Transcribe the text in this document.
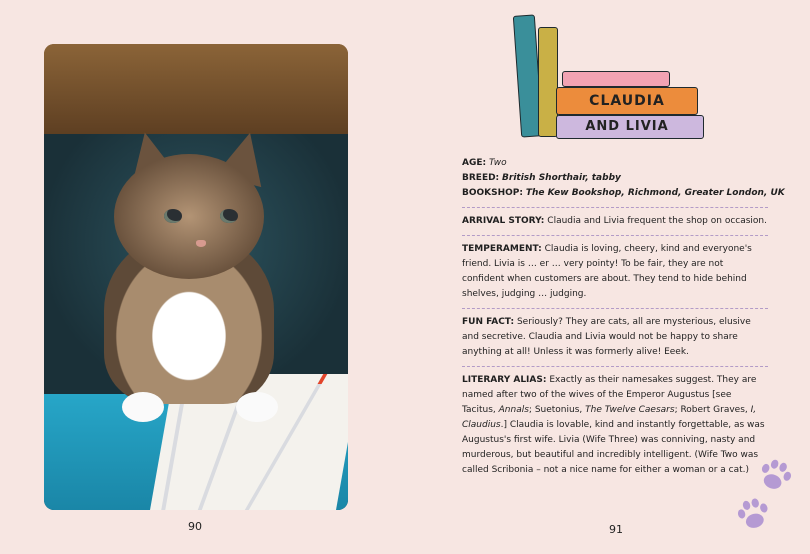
90
CLAUDIA
AND LIVIA
AGE: Two
BREED: British Shorthair, tabby
BOOKSHOP: The Kew Bookshop, Richmond, Greater London, UK

ARRIVAL STORY: Claudia and Livia frequent the shop on occasion.

TEMPERAMENT: Claudia is loving, cheery, kind and everyone's friend. Livia is … er … very pointy! To be fair, they are not confident when customers are about. They tend to hide behind shelves, judging … judging.

FUN FACT: Seriously? They are cats, all are mysterious, elusive and secretive. Claudia and Livia would not be happy to share anything at all! Unless it was formerly alive! Eeek.

LITERARY ALIAS: Exactly as their namesakes suggest. They are named after two of the wives of the Emperor Augustus [see Tacitus, Annals; Suetonius, The Twelve Caesars; Robert Graves, I, Claudius.] Claudia is lovable, kind and instantly forgettable, as was Augustus's first wife. Livia (Wife Three) was conniving, nasty and murderous, but beautiful and incredibly intelligent. (Wife Two was called Scribonia – not a nice name for either a woman or a cat.)

91
